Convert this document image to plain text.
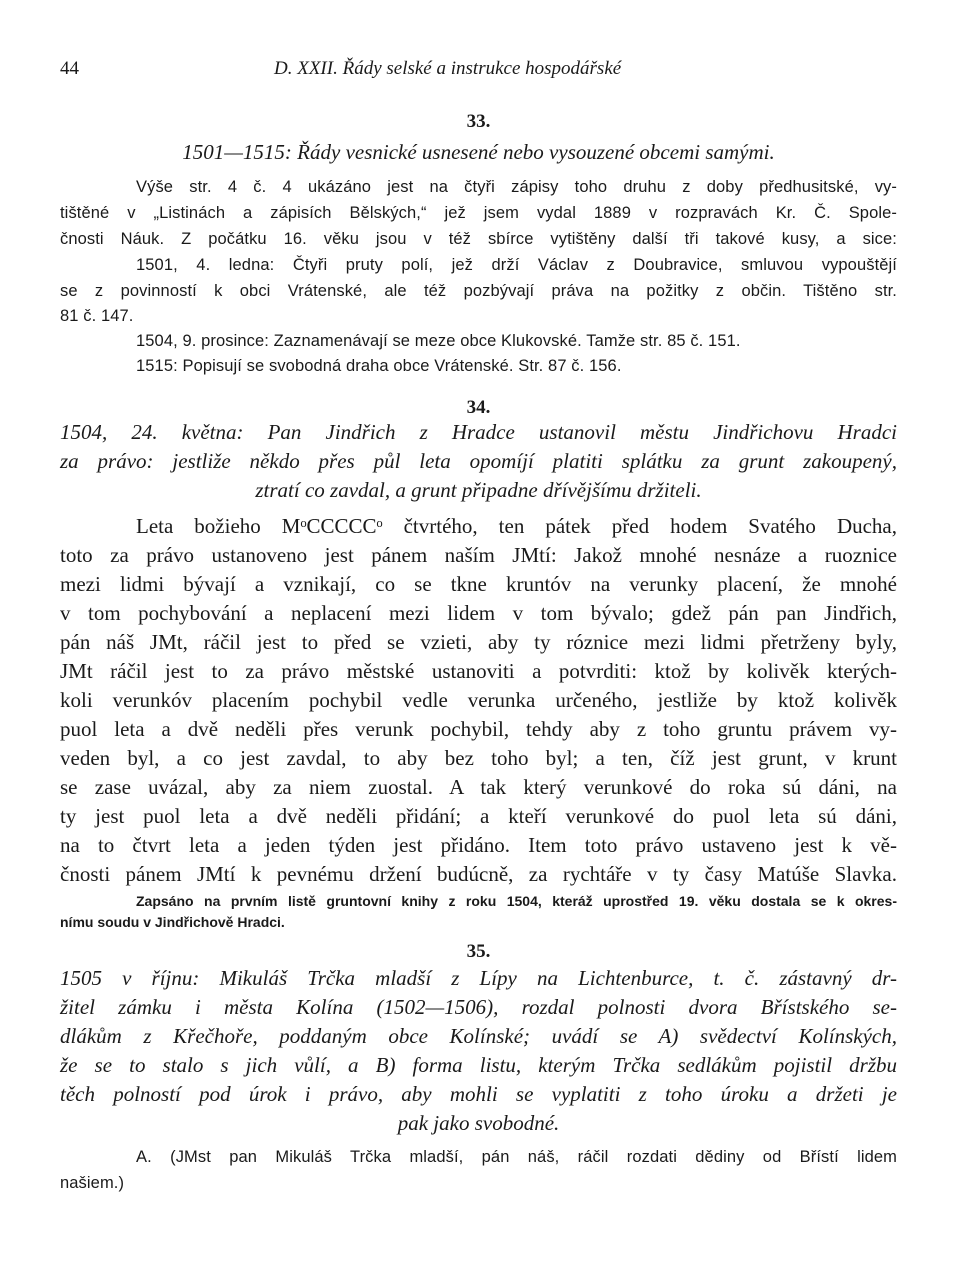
44	D. XXII. Řády selské a instrukce hospodářské
33.
1501—1515: Řády vesnické usnesené nebo vysouzené obcemi samými.
Výše str. 4 č. 4 ukázáno jest na čtyři zápisy toho druhu z doby předhusitské, vy-
tištěné v „Listinách a zápisích Bělských,“ jež jsem vydal 1889 v rozpravách Kr. Č. Spole-
čnosti Náuk. Z počátku 16. věku jsou v též sbírce vytištěny další tři takové kusy, a sice:
1501, 4. ledna: Čtyři pruty polí, jež drží Václav z Doubravice, smluvou vypouštějí
se z povinností k obci Vrátenské, ale též pozbývají práva na požitky z občin. Tištěno str.
81 č. 147.
1504, 9. prosince: Zaznamenávají se meze obce Klukovské. Tamže str. 85 č. 151.
1515: Popisují se svobodná draha obce Vrátenské. Str. 87 č. 156.
34.
1504, 24. května: Pan Jindřich z Hradce ustanovil městu Jindřichovu Hradci
za právo: jestliže někdo přes půl leta opomíjí platiti splátku za grunt zakoupený,
ztratí co zavdal, a grunt připadne dřívějšímu držiteli.
Leta božieho MᵒCCCCCᵒ čtvrtého, ten pátek před hodem Svatého Ducha,
toto za právo ustanoveno jest pánem naším JMtí: Jakož mnohé nesnáze a ruoznice
mezi lidmi bývají a vznikají, co se tkne kruntóv na verunky placení, že mnohé
v tom pochybování a neplacení mezi lidem v tom bývalo; gdež pán pan Jindřich,
pán náš JMt, ráčil jest to před se vzieti, aby ty róznice mezi lidmi přetrženy byly,
JMt ráčil jest to za právo městské ustanoviti a potvrditi: ktož by kolivěk kterých-
koli verunkóv placením pochybil vedle verunka určeného, jestliže by ktož kolivěk
puol leta a dvě neděli přes verunk pochybil, tehdy aby z toho gruntu právem vy-
veden byl, a co jest zavdal, to aby bez toho byl; a ten, číž jest grunt, v krunt
se zase uvázal, aby za niem zuostal. A tak který verunkové do roka sú dáni, na
ty jest puol leta a dvě neděli přidání; a kteří verunkové do puol leta sú dáni,
na to čtvrt leta a jeden týden jest přidáno. Item toto právo ustaveno jest k vě-
čnosti pánem JMtí k pevnému držení budúcně, za rychtáře v ty časy Matúše Slavka.
Zapsáno na prvním listě gruntovní knihy z roku 1504, kteráž uprostřed 19. věku dostala se k okres-
nímu soudu v Jindřichově Hradci.
35.
1505 v říjnu: Mikuláš Trčka mladší z Lípy na Lichtenburce, t. č. zástavný dr-
žitel zámku i města Kolína (1502—1506), rozdal polnosti dvora Břístského se-
dlákům z Křečhoře, poddaným obce Kolínské; uvádí se A) svědectví Kolínských,
že se to stalo s jich vůlí, a B) forma listu, kterým Trčka sedlákům pojistil držbu
těch polností pod úrok i právo, aby mohli se vyplatiti z toho úroku a držeti je
pak jako svobodné.
A. (JMst pan Mikuláš Trčka mladší, pán náš, ráčil rozdati dědiny od Břístí lidem
našiem.)
